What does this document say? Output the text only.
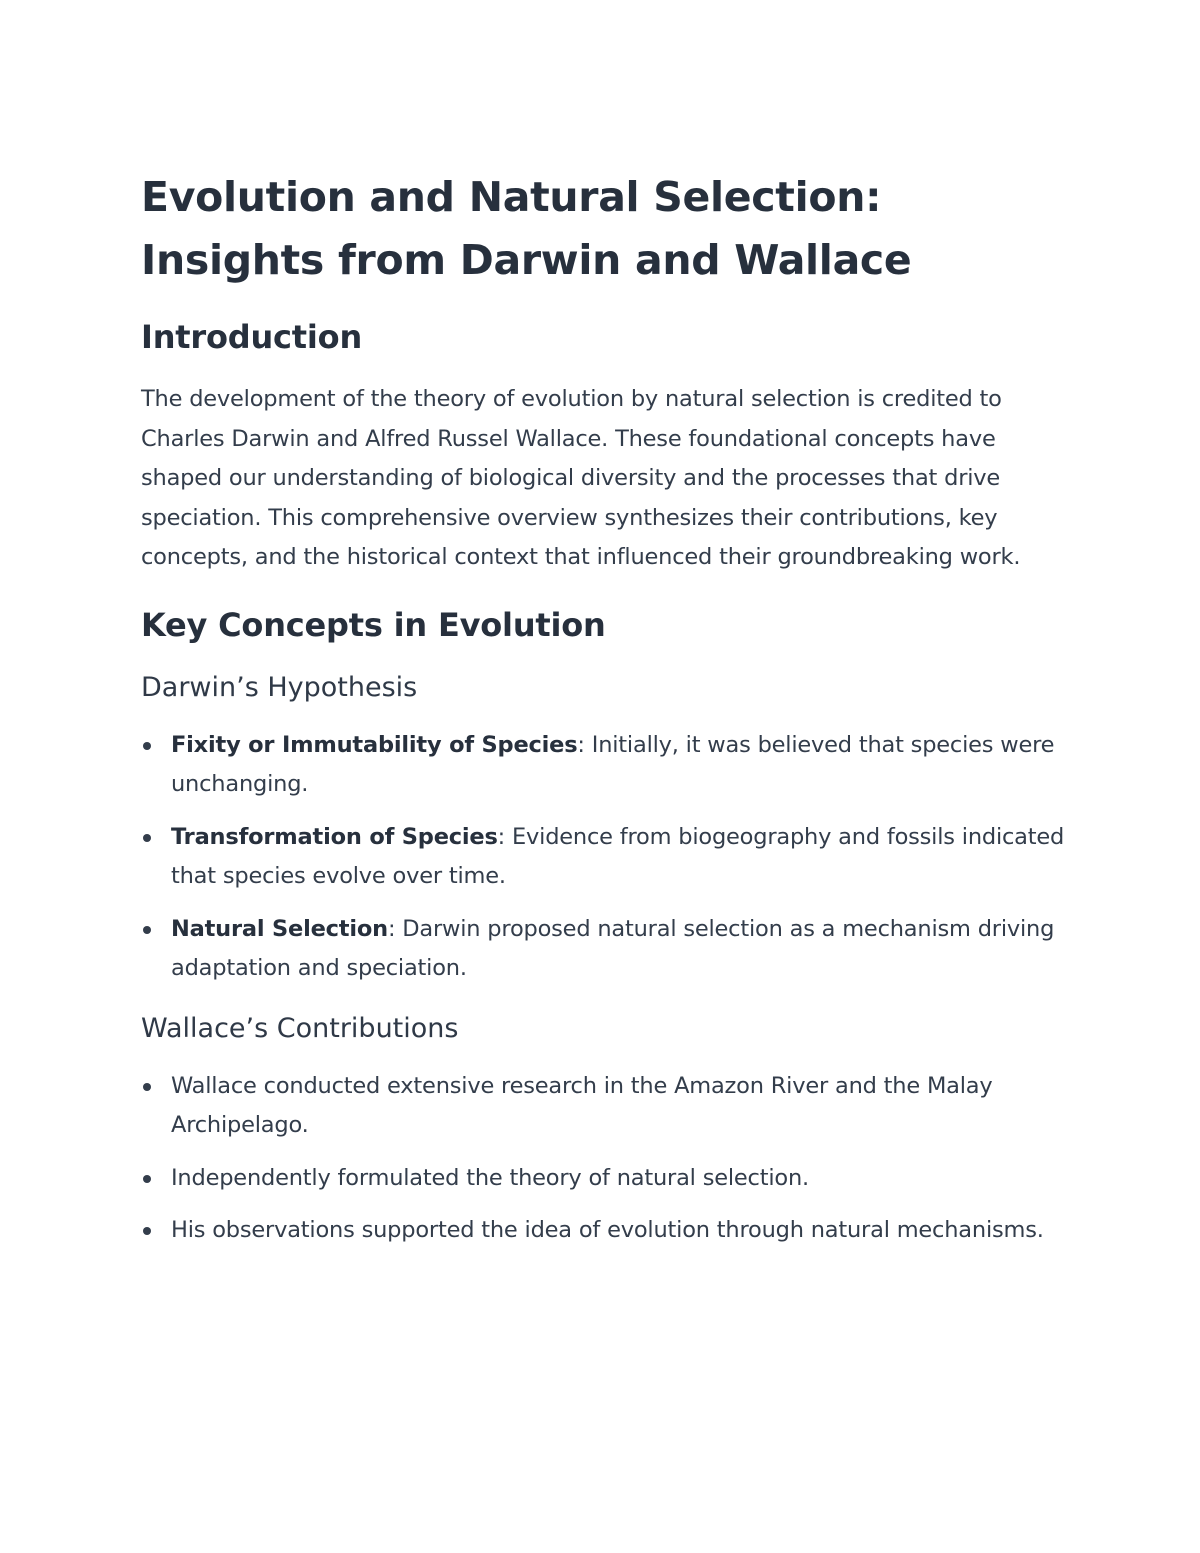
Evolution and Natural Selection:
Insights from Darwin and Wallace
Introduction

The development of the theory of evolution by natural selection is credited to Charles Darwin and Alfred Russel Wallace. These foundational concepts have shaped our understanding of biological diversity and the processes that drive speciation. This comprehensive overview synthesizes their contributions, key concepts, and the historical context that influenced their groundbreaking work.

Key Concepts in Evolution
Darwin’s Hypothesis
Fixity or Immutability of Species: Initially, it was believed that species were unchanging.
Transformation of Species: Evidence from biogeography and fossils indicated that species evolve over time.
Natural Selection: Darwin proposed natural selection as a mechanism driving adaptation and speciation.
Wallace’s Contributions
Wallace conducted extensive research in the Amazon River and the Malay Archipelago.
Independently formulated the theory of natural selection.
His observations supported the idea of evolution through natural mechanisms.
